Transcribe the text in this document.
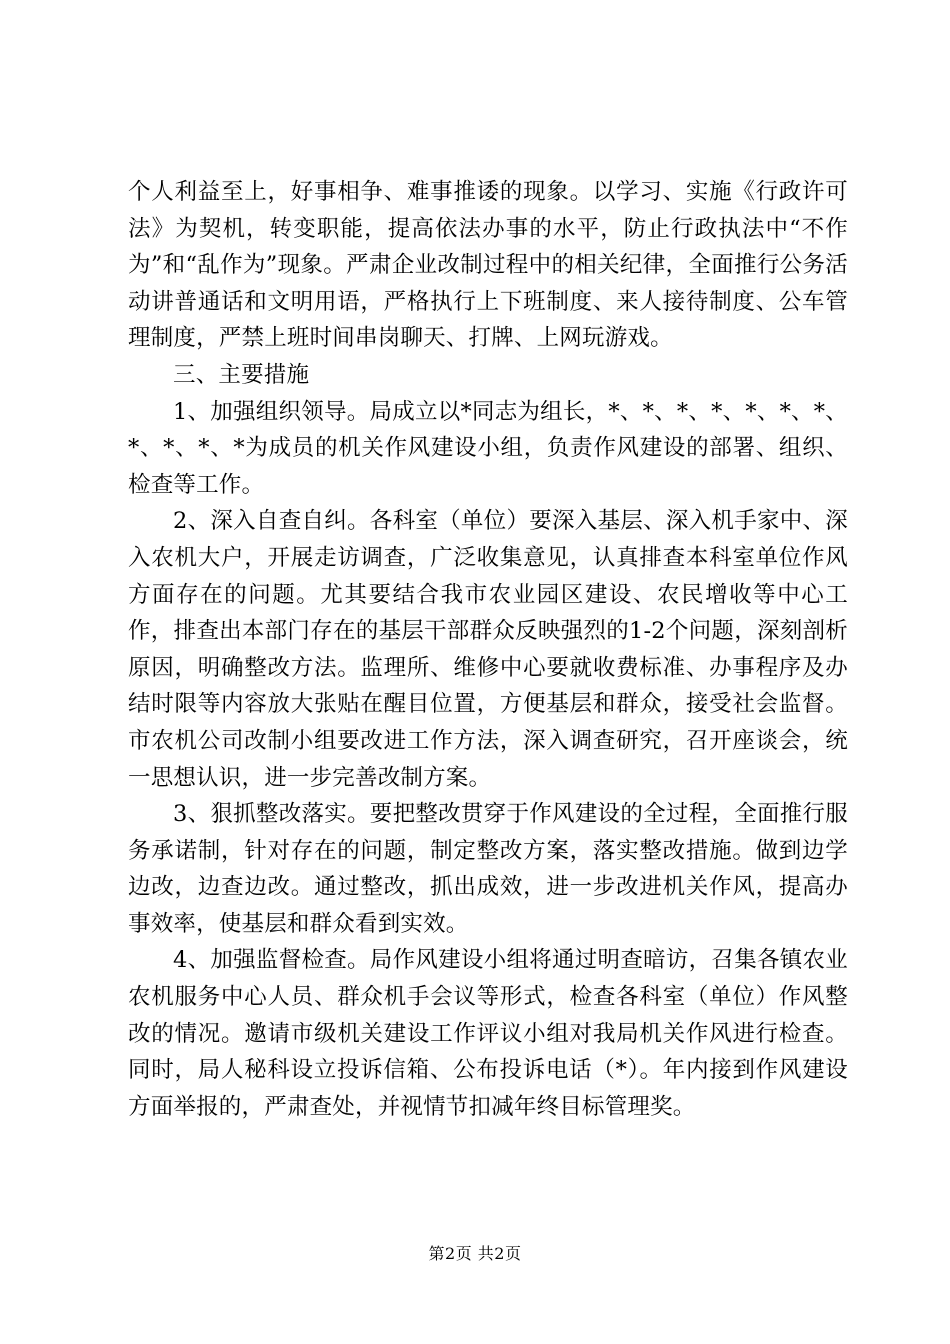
个人利益至上，好事相争、难事推诿的现象。以学习、实施《行政许可法》为契机，转变职能，提高依法办事的水平，防止行政执法中“不作为”和“乱作为”现象。严肃企业改制过程中的相关纪律，全面推行公务活动讲普通话和文明用语，严格执行上下班制度、来人接待制度、公车管理制度，严禁上班时间串岗聊天、打牌、上网玩游戏。

三、主要措施

1、加强组织领导。局成立以*同志为组长，*、*、*、*、*、*、*、*、*、*、*为成员的机关作风建设小组，负责作风建设的部署、组织、检查等工作。

2、深入自查自纠。各科室（单位）要深入基层、深入机手家中、深入农机大户，开展走访调查，广泛收集意见，认真排查本科室单位作风方面存在的问题。尤其要结合我市农业园区建设、农民增收等中心工作，排查出本部门存在的基层干部群众反映强烈的1-2个问题，深刻剖析原因，明确整改方法。监理所、维修中心要就收费标准、办事程序及办结时限等内容放大张贴在醒目位置，方便基层和群众，接受社会监督。市农机公司改制小组要改进工作方法，深入调查研究，召开座谈会，统一思想认识，进一步完善改制方案。

3、狠抓整改落实。要把整改贯穿于作风建设的全过程，全面推行服务承诺制，针对存在的问题，制定整改方案，落实整改措施。做到边学边改，边查边改。通过整改，抓出成效，进一步改进机关作风，提高办事效率，使基层和群众看到实效。

4、加强监督检查。局作风建设小组将通过明查暗访，召集各镇农业农机服务中心人员、群众机手会议等形式，检查各科室（单位）作风整改的情况。邀请市级机关建设工作评议小组对我局机关作风进行检查。同时，局人秘科设立投诉信箱、公布投诉电话（*）。年内接到作风建设方面举报的，严肃查处，并视情节扣减年终目标管理奖。

第2页 共2页
